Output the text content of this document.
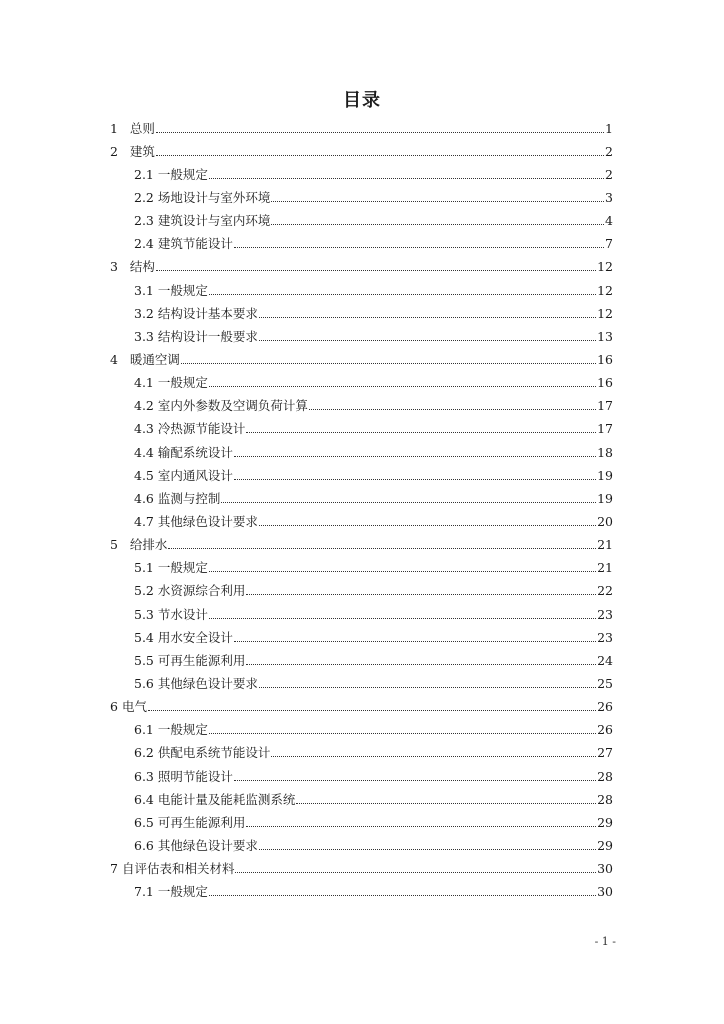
目录
1 总则	1
2 建筑	2
2.1 一般规定	2
2.2 场地设计与室外环境	3
2.3 建筑设计与室内环境	4
2.4 建筑节能设计	7
3 结构	12
3.1 一般规定	12
3.2 结构设计基本要求	12
3.3 结构设计一般要求	13
4 暖通空调	16
4.1 一般规定	16
4.2 室内外参数及空调负荷计算	17
4.3 冷热源节能设计	17
4.4 输配系统设计	18
4.5 室内通风设计	19
4.6 监测与控制	19
4.7 其他绿色设计要求	20
5 给排水	21
5.1 一般规定	21
5.2 水资源综合利用	22
5.3 节水设计	23
5.4 用水安全设计	23
5.5 可再生能源利用	24
5.6 其他绿色设计要求	25
6 电气	26
6.1 一般规定	26
6.2 供配电系统节能设计	27
6.3 照明节能设计	28
6.4 电能计量及能耗监测系统	28
6.5 可再生能源利用	29
6.6 其他绿色设计要求	29
7 自评估表和相关材料	30
7.1 一般规定	30
- 1 -
